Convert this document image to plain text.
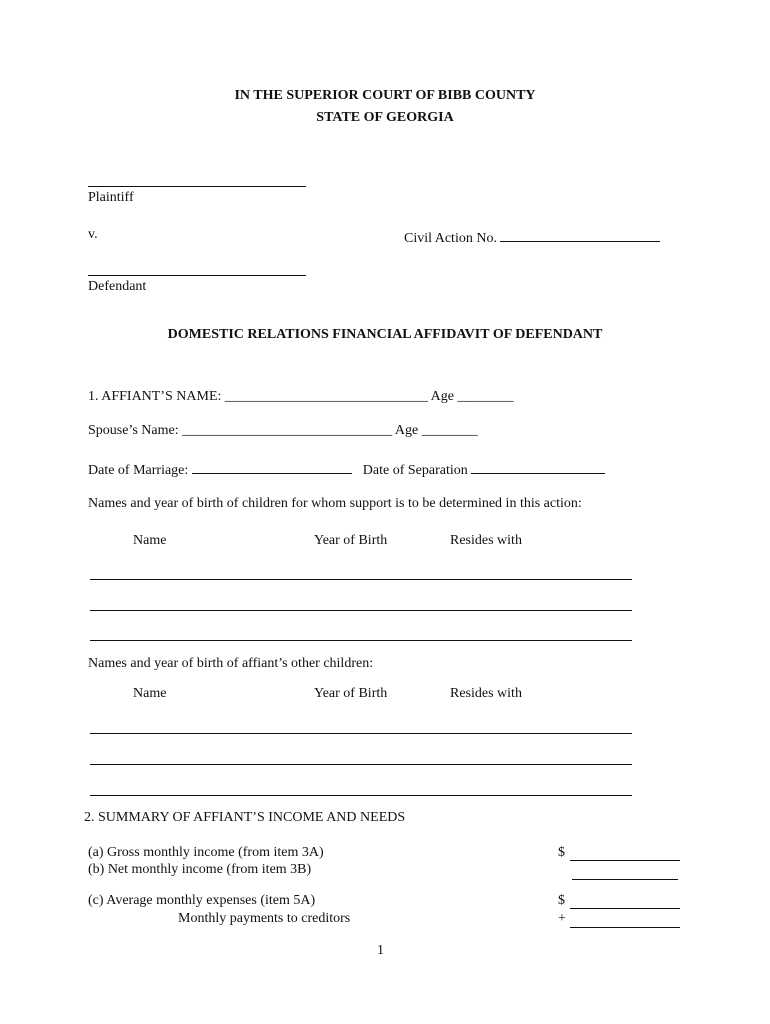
IN THE SUPERIOR COURT OF BIBB COUNTY
STATE OF GEORGIA
Plaintiff
v.	Civil Action No.
Defendant
DOMESTIC RELATIONS FINANCIAL AFFIDAVIT OF DEFENDANT
1. AFFIANT’S NAME: _____________________________ Age ________
Spouse’s Name: ______________________________ Age ________
Date of Marriage:	Date of Separation
Names and year of birth of children for whom support is to be determined in this action:
Name	Year of Birth	Resides with
Names and year of birth of affiant’s other children:
Name	Year of Birth	Resides with
2. SUMMARY OF AFFIANT’S INCOME AND NEEDS
(a) Gross monthly income (from item 3A)	$
(b) Net monthly income (from item 3B)
(c) Average monthly expenses (item 5A)	$
Monthly payments to creditors	+
1
